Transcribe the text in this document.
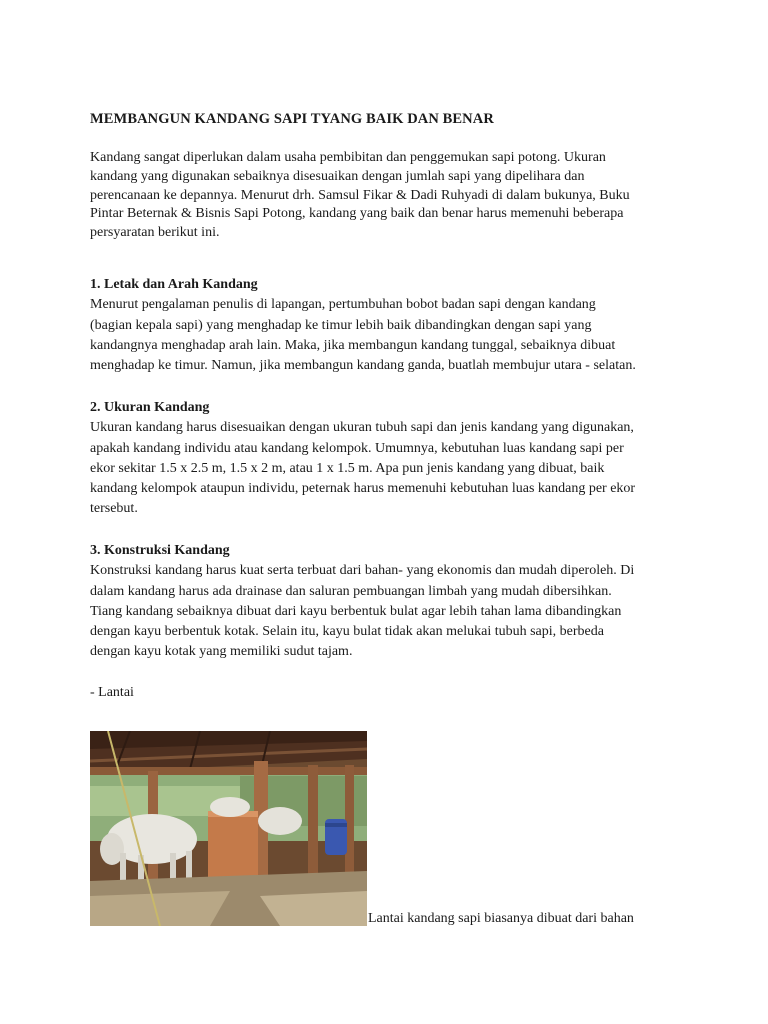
MEMBANGUN KANDANG SAPI TYANG BAIK DAN BENAR

Kandang sangat diperlukan dalam usaha pembibitan dan penggemukan sapi potong. Ukuran

kandang yang digunakan sebaiknya disesuaikan dengan jumlah sapi yang dipelihara dan

perencanaan ke depannya. Menurut drh. Samsul Fikar & Dadi Ruhyadi di dalam bukunya, Buku

Pintar Beternak & Bisnis Sapi Potong, kandang yang baik dan benar harus memenuhi beberapa

persyaratan berikut ini.

1. Letak dan Arah Kandang

Menurut pengalaman penulis di lapangan, pertumbuhan bobot badan sapi dengan kandang

(bagian kepala sapi) yang menghadap ke timur lebih baik dibandingkan dengan sapi yang

kandangnya menghadap arah lain. Maka, jika membangun kandang tunggal, sebaiknya dibuat

menghadap ke timur. Namun, jika membangun kandang ganda, buatlah membujur utara - selatan.

2. Ukuran Kandang

Ukuran kandang harus disesuaikan dengan ukuran tubuh sapi dan jenis kandang yang digunakan,

apakah kandang individu atau kandang kelompok. Umumnya, kebutuhan luas kandang sapi per

ekor sekitar 1.5 x 2.5 m, 1.5 x 2 m, atau 1 x 1.5 m. Apa pun jenis kandang yang dibuat, baik

kandang kelompok ataupun individu, peternak harus memenuhi kebutuhan luas kandang per ekor

tersebut.

3. Konstruksi Kandang

Konstruksi kandang harus kuat serta terbuat dari bahan- yang ekonomis dan mudah diperoleh. Di

dalam kandang harus ada drainase dan saluran pembuangan limbah yang mudah dibersihkan.

Tiang kandang sebaiknya dibuat dari kayu berbentuk bulat agar lebih tahan lama dibandingkan

dengan kayu berbentuk kotak. Selain itu, kayu bulat tidak akan melukai tubuh sapi, berbeda

dengan kayu kotak yang memiliki sudut tajam.

- Lantai
Lantai kandang sapi biasanya dibuat dari bahan
